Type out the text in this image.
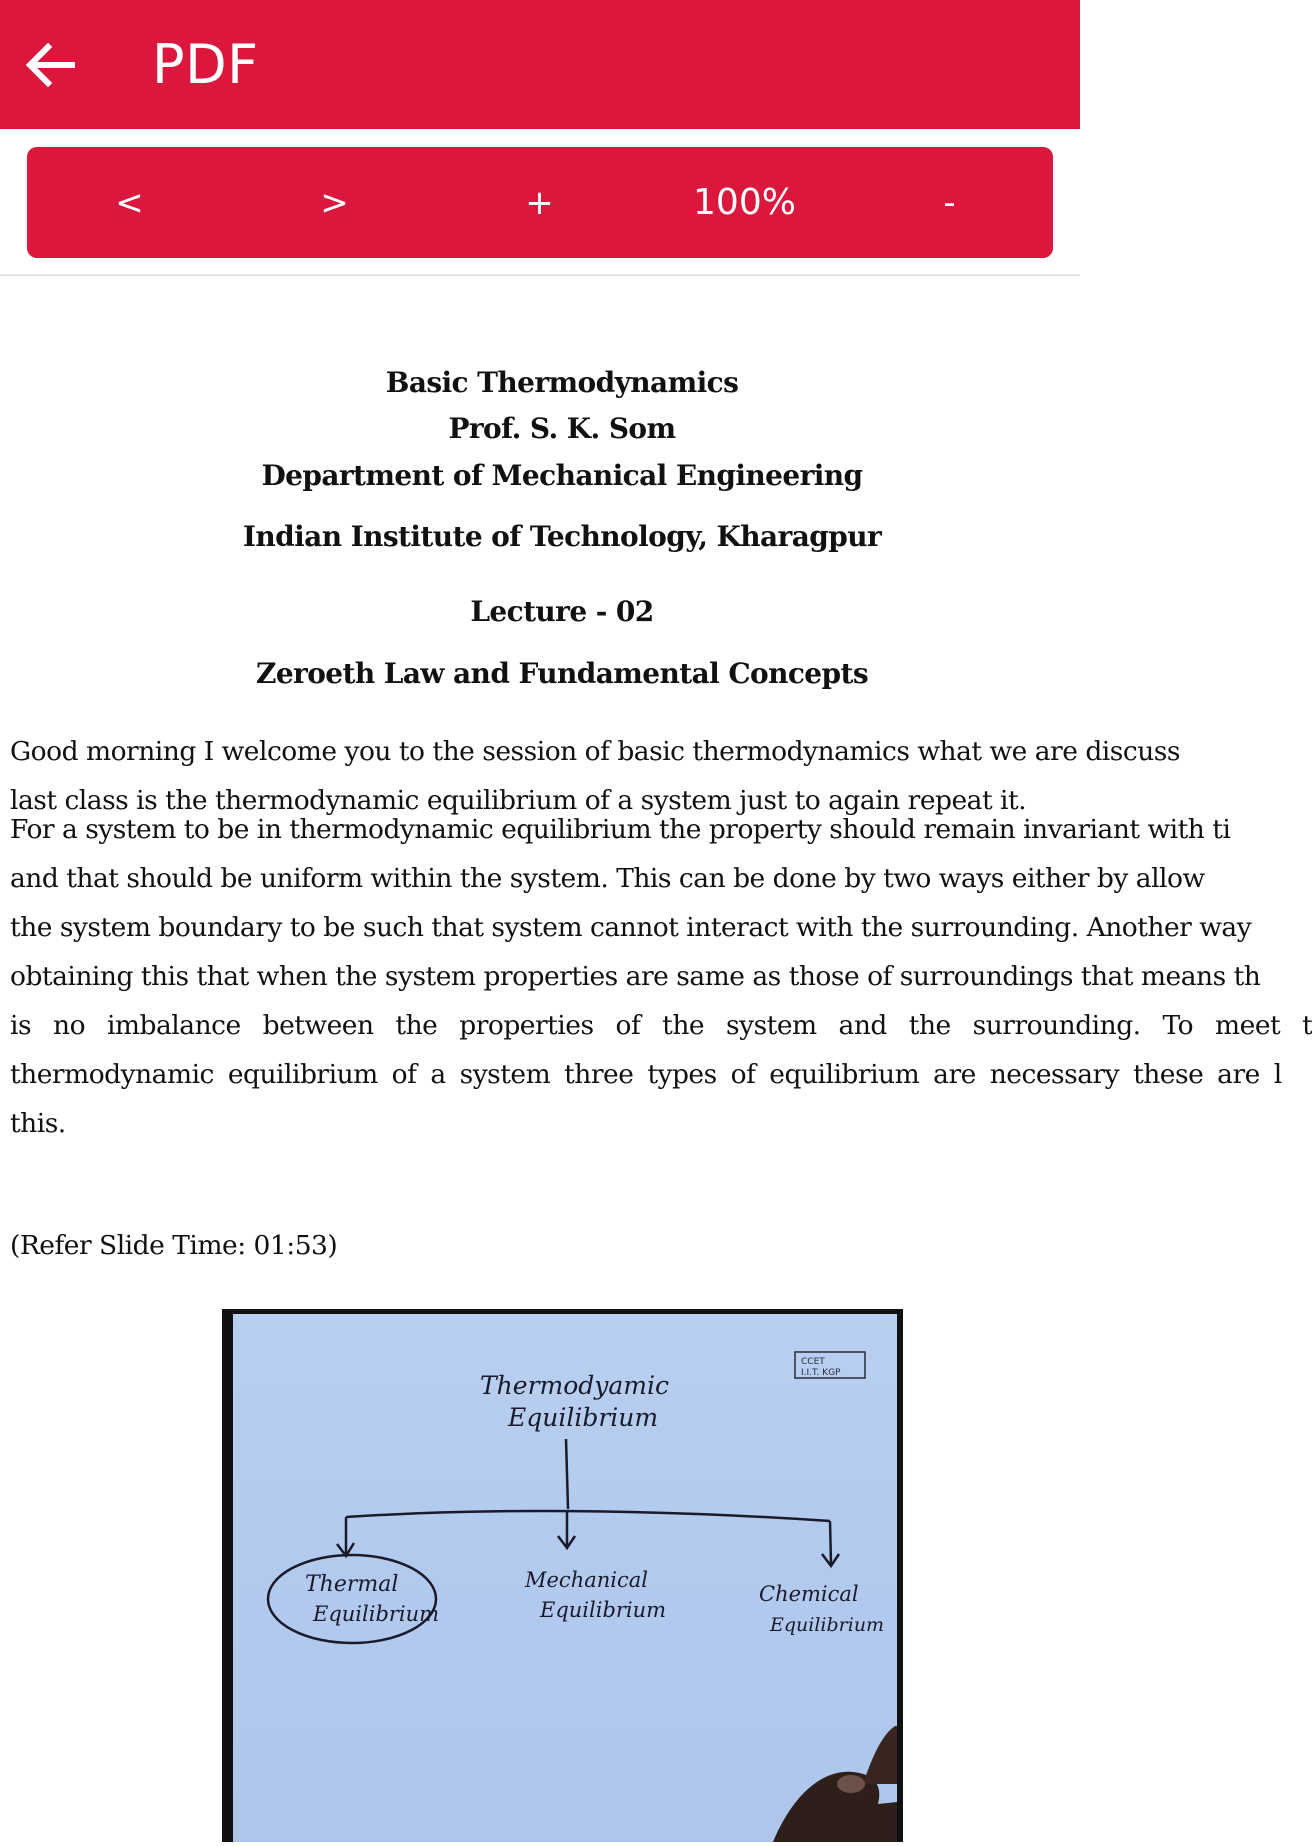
PDF
<	>	+	100%	-
Basic Thermodynamics
Prof. S. K. Som
Department of Mechanical Engineering
Indian Institute of Technology, Kharagpur
Lecture - 02
Zeroeth Law and Fundamental Concepts
Good morning I welcome you to the session of basic thermodynamics what we are discuss
last class is the thermodynamic equilibrium of a system just to again repeat it.
For a system to be in thermodynamic equilibrium the property should remain invariant with ti
and that should be uniform within the system. This can be done by two ways either by allow
the system boundary to be such that system cannot interact with the surrounding. Another way
obtaining this that when the system properties are same as those of surroundings that means th
is no imbalance between the properties of the system and the surrounding. To meet t
thermodynamic equilibrium of a system three types of equilibrium are necessary these are l
this.
(Refer Slide Time: 01:53)
CCET
I.I.T. KGP
Thermodyamic
Equilibrium
Thermal
Equilibrium
Mechanical
Equilibrium
Chemical
Equilibrium
